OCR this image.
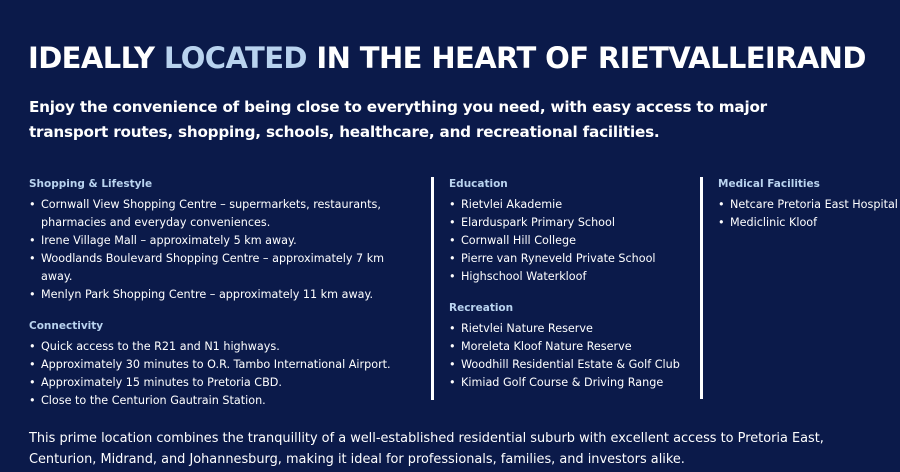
IDEALLY LOCATED IN THE HEART OF RIETVALLEIRAND

Enjoy the convenience of being close to everything you need, with easy access to major transport routes, shopping, schools, healthcare, and recreational facilities.

Shopping & Lifestyle
• Cornwall View Shopping Centre – supermarkets, restaurants, pharmacies and everyday conveniences.
• Irene Village Mall – approximately 5 km away.
• Woodlands Boulevard Shopping Centre – approximately 7 km away.
• Menlyn Park Shopping Centre – approximately 11 km away.
Connectivity
• Quick access to the R21 and N1 highways.
• Approximately 30 minutes to O.R. Tambo International Airport.
• Approximately 15 minutes to Pretoria CBD.
• Close to the Centurion Gautrain Station.
Education
• Rietvlei Akademie
• Elarduspark Primary School
• Cornwall Hill College
• Pierre van Ryneveld Private School
• Highschool Waterkloof
Recreation
• Rietvlei Nature Reserve
• Moreleta Kloof Nature Reserve
• Woodhill Residential Estate & Golf Club
• Kimiad Golf Course & Driving Range
Medical Facilities
• Netcare Pretoria East Hospital
• Mediclinic Kloof

This prime location combines the tranquillity of a well-established residential suburb with excellent access to Pretoria East, Centurion, Midrand, and Johannesburg, making it ideal for professionals, families, and investors alike.
